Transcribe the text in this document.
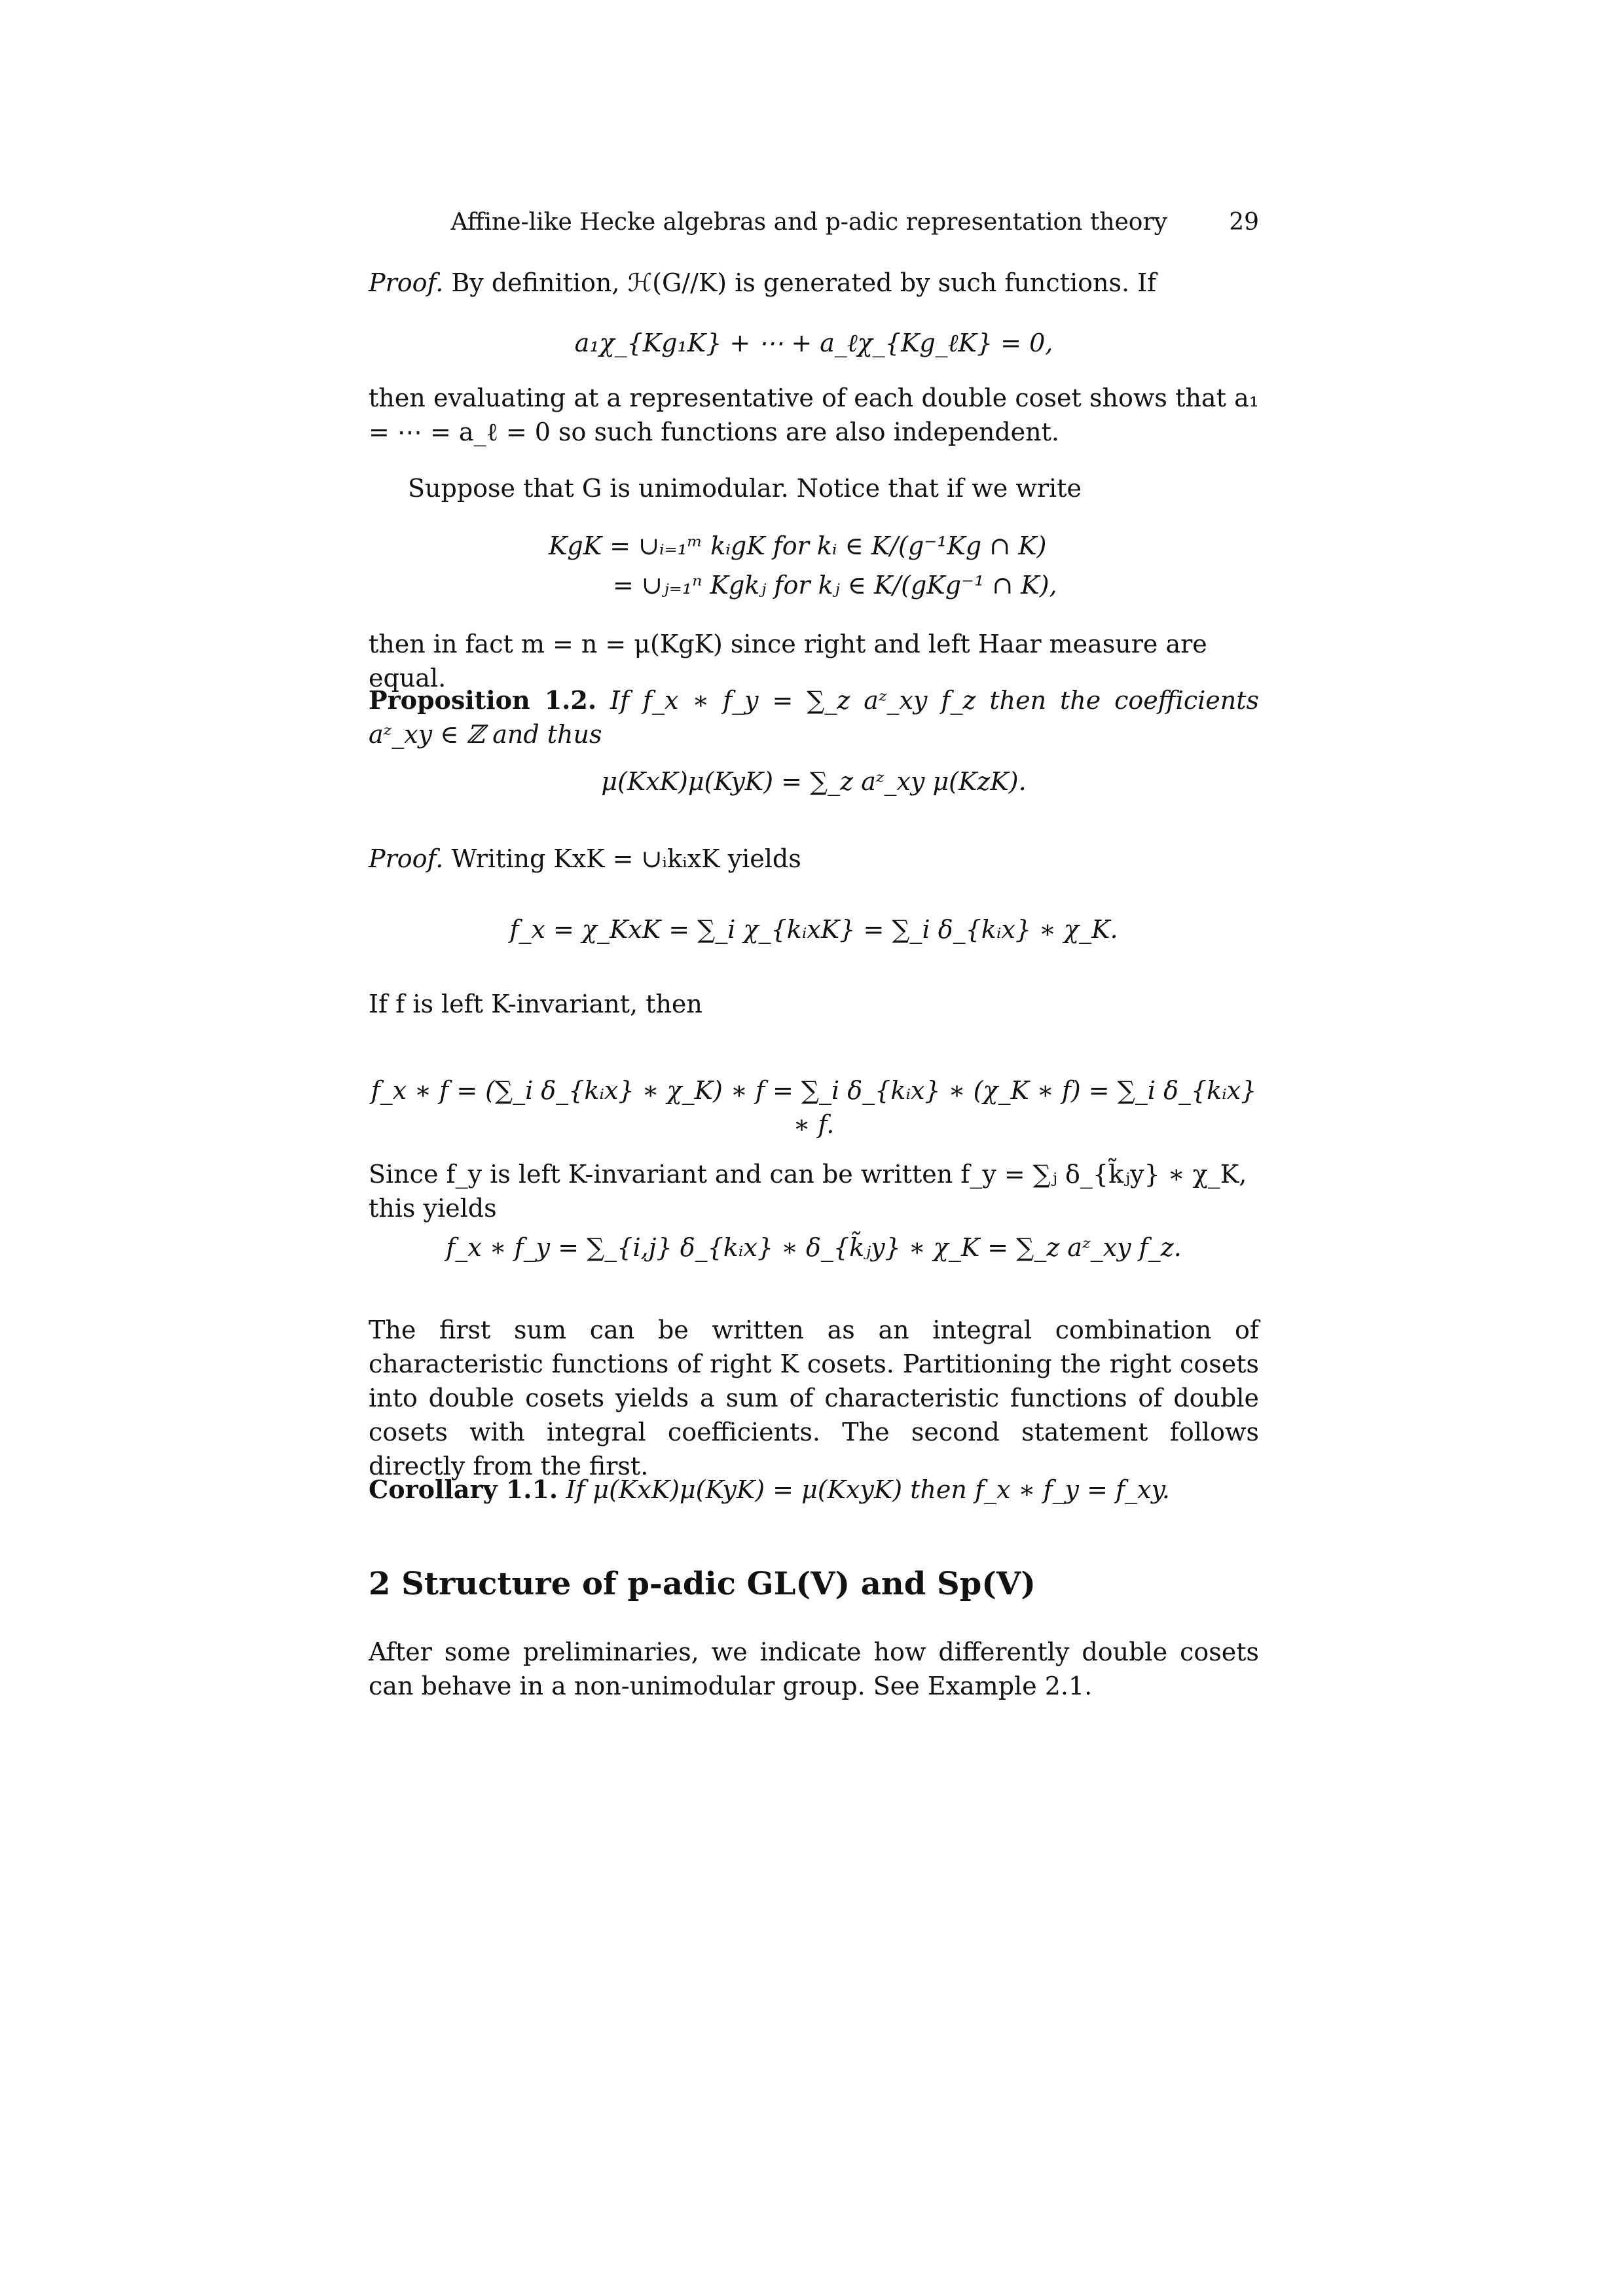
Affine-like Hecke algebras and p-adic representation theory	29
Proof. By definition, ℋ(G//K) is generated by such functions. If
a₁χ_{Kg₁K} + ⋯ + a_ℓχ_{Kg_ℓK} = 0,
then evaluating at a representative of each double coset shows that a₁ = ⋯ = a_ℓ = 0 so such functions are also independent.
Suppose that G is unimodular. Notice that if we write
KgK = ∪ᵢ₌₁ᵐ kᵢgK for kᵢ ∈ K/(g⁻¹Kg ∩ K)
= ∪ⱼ₌₁ⁿ Kgkⱼ for kⱼ ∈ K/(gKg⁻¹ ∩ K),
then in fact m = n = μ(KgK) since right and left Haar measure are equal.
Proposition 1.2. If f_x ∗ f_y = ∑_z aᶻ_xy f_z then the coefficients aᶻ_xy ∈ ℤ and thus
μ(KxK)μ(KyK) = ∑_z aᶻ_xy μ(KzK).
Proof. Writing KxK = ∪ᵢkᵢxK yields
f_x = χ_KxK = ∑_i χ_{kᵢxK} = ∑_i δ_{kᵢx} ∗ χ_K.
If f is left K-invariant, then
f_x ∗ f = (∑_i δ_{kᵢx} ∗ χ_K) ∗ f = ∑_i δ_{kᵢx} ∗ (χ_K ∗ f) = ∑_i δ_{kᵢx} ∗ f.
Since f_y is left K-invariant and can be written f_y = ∑ⱼ δ_{k̃ⱼy} ∗ χ_K, this yields
f_x ∗ f_y = ∑_{i,j} δ_{kᵢx} ∗ δ_{k̃ⱼy} ∗ χ_K = ∑_z aᶻ_xy f_z.
The first sum can be written as an integral combination of characteristic functions of right K cosets. Partitioning the right cosets into double cosets yields a sum of characteristic functions of double cosets with integral coefficients. The second statement follows directly from the first.
Corollary 1.1. If μ(KxK)μ(KyK) = μ(KxyK) then f_x ∗ f_y = f_xy.
2 Structure of p-adic GL(V) and Sp(V)
After some preliminaries, we indicate how differently double cosets can behave in a non-unimodular group. See Example 2.1.
